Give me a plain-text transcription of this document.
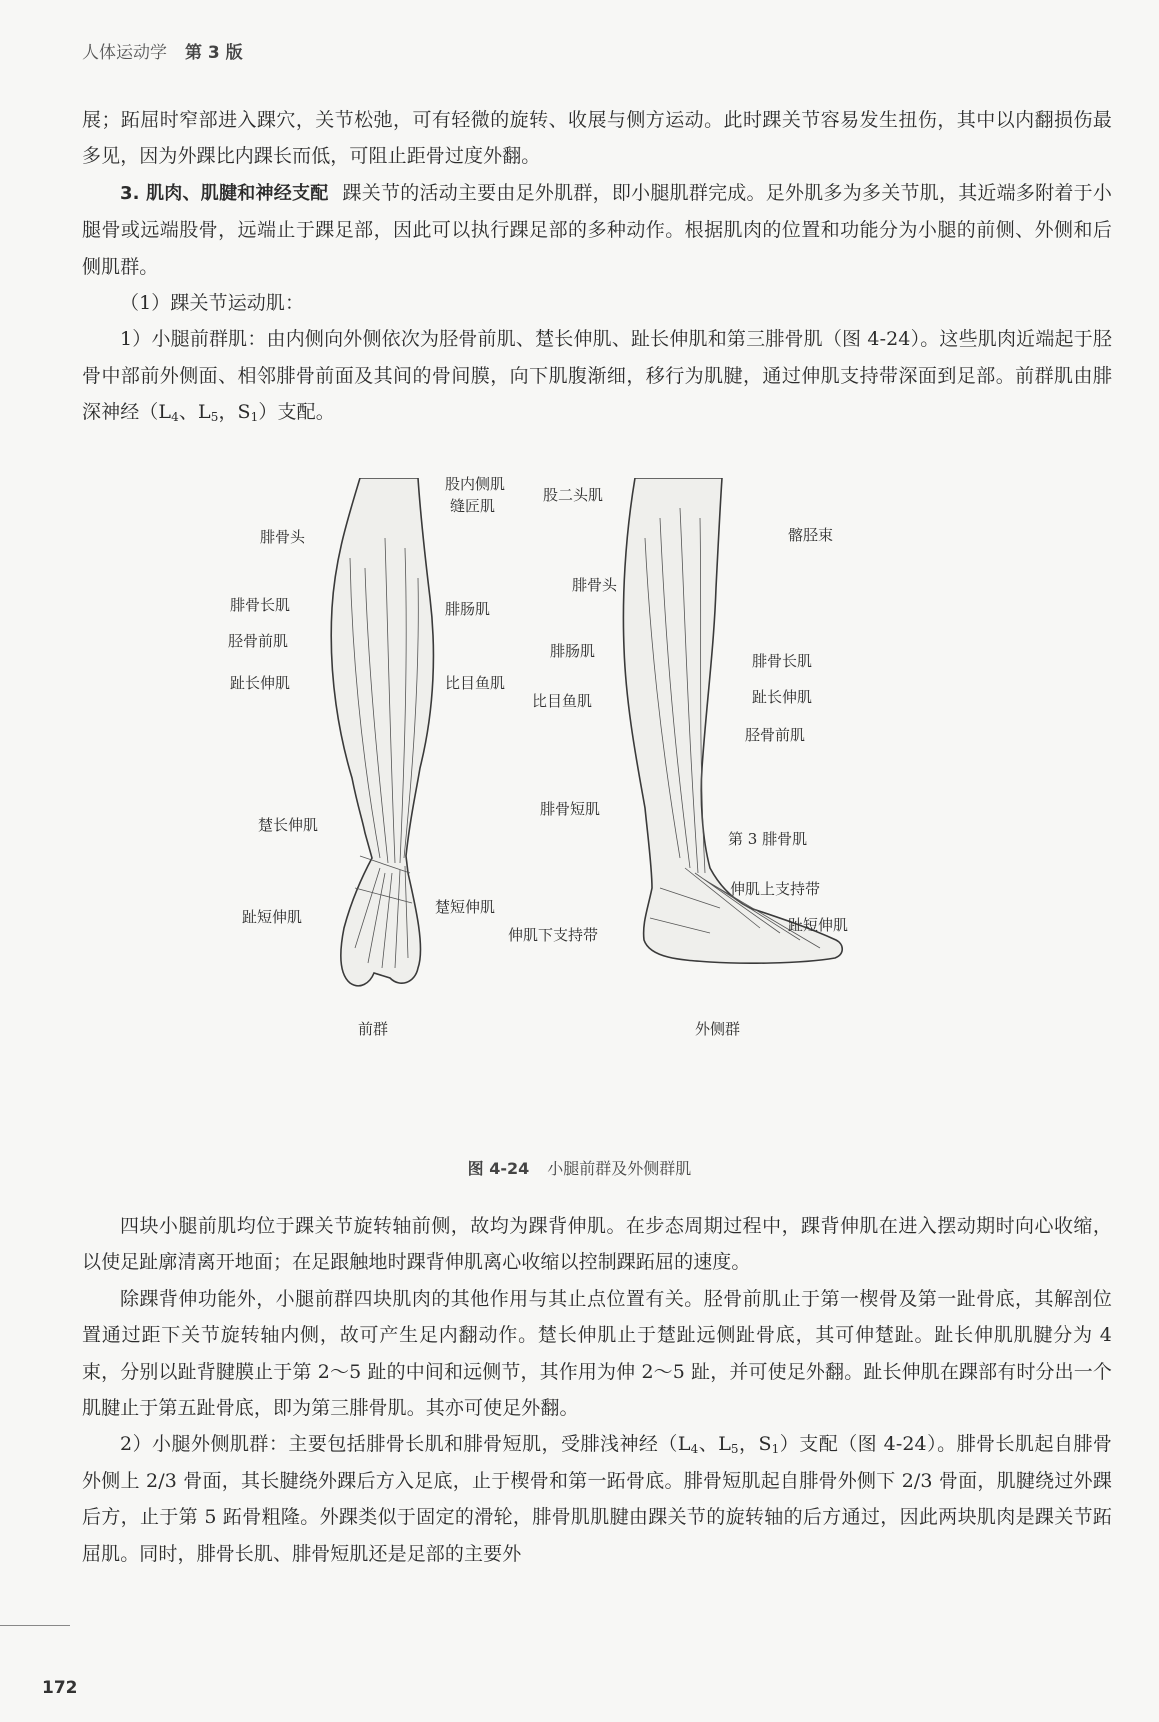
人体运动学 第 3 版
展；跖屈时窄部进入踝穴，关节松弛，可有轻微的旋转、收展与侧方运动。此时踝关节容易发生扭伤，其中以内翻损伤最多见，因为外踝比内踝长而低，可阻止距骨过度外翻。
3. 肌肉、肌腱和神经支配 踝关节的活动主要由足外肌群，即小腿肌群完成。足外肌多为多关节肌，其近端多附着于小腿骨或远端股骨，远端止于踝足部，因此可以执行踝足部的多种动作。根据肌肉的位置和功能分为小腿的前侧、外侧和后侧肌群。
（1）踝关节运动肌：
1）小腿前群肌：由内侧向外侧依次为胫骨前肌、䠂长伸肌、趾长伸肌和第三腓骨肌（图 4-24）。这些肌肉近端起于胫骨中部前外侧面、相邻腓骨前面及其间的骨间膜，向下肌腹渐细，移行为肌腱，通过伸肌支持带深面到足部。前群肌由腓深神经（$L_4$、$L_5$，$S_1$）支配。
股内侧肌
缝匠肌
腓骨头
腓骨长肌	腓肠肌
胫骨前肌
趾长伸肌	比目鱼肌
䠂长伸肌
䠂短伸肌
趾短伸肌
股二头肌
髂胫束
腓骨头
腓肠肌
腓骨长肌
比目鱼肌	趾长伸肌
胫骨前肌
腓骨短肌
第 3 腓骨肌
伸肌上支持带
伸肌下支持带
趾短伸肌
前群	外侧群
图 4-24 小腿前群及外侧群肌
四块小腿前肌均位于踝关节旋转轴前侧，故均为踝背伸肌。在步态周期过程中，踝背伸肌在进入摆动期时向心收缩，以使足趾廓清离开地面；在足跟触地时踝背伸肌离心收缩以控制踝跖屈的速度。
除踝背伸功能外，小腿前群四块肌肉的其他作用与其止点位置有关。胫骨前肌止于第一楔骨及第一趾骨底，其解剖位置通过距下关节旋转轴内侧，故可产生足内翻动作。䠂长伸肌止于䠂趾远侧趾骨底，其可伸䠂趾。趾长伸肌肌腱分为 4 束，分别以趾背腱膜止于第 2～5 趾的中间和远侧节，其作用为伸 2～5 趾，并可使足外翻。趾长伸肌在踝部有时分出一个肌腱止于第五趾骨底，即为第三腓骨肌。其亦可使足外翻。
2）小腿外侧肌群：主要包括腓骨长肌和腓骨短肌，受腓浅神经（$L_4$、$L_5$，$S_1$）支配（图 4-24）。腓骨长肌起自腓骨外侧上 2/3 骨面，其长腱绕外踝后方入足底，止于楔骨和第一跖骨底。腓骨短肌起自腓骨外侧下 2/3 骨面，肌腱绕过外踝后方，止于第 5 跖骨粗隆。外踝类似于固定的滑轮，腓骨肌肌腱由踝关节的旋转轴的后方通过，因此两块肌肉是踝关节跖屈肌。同时，腓骨长肌、腓骨短肌还是足部的主要外
172
